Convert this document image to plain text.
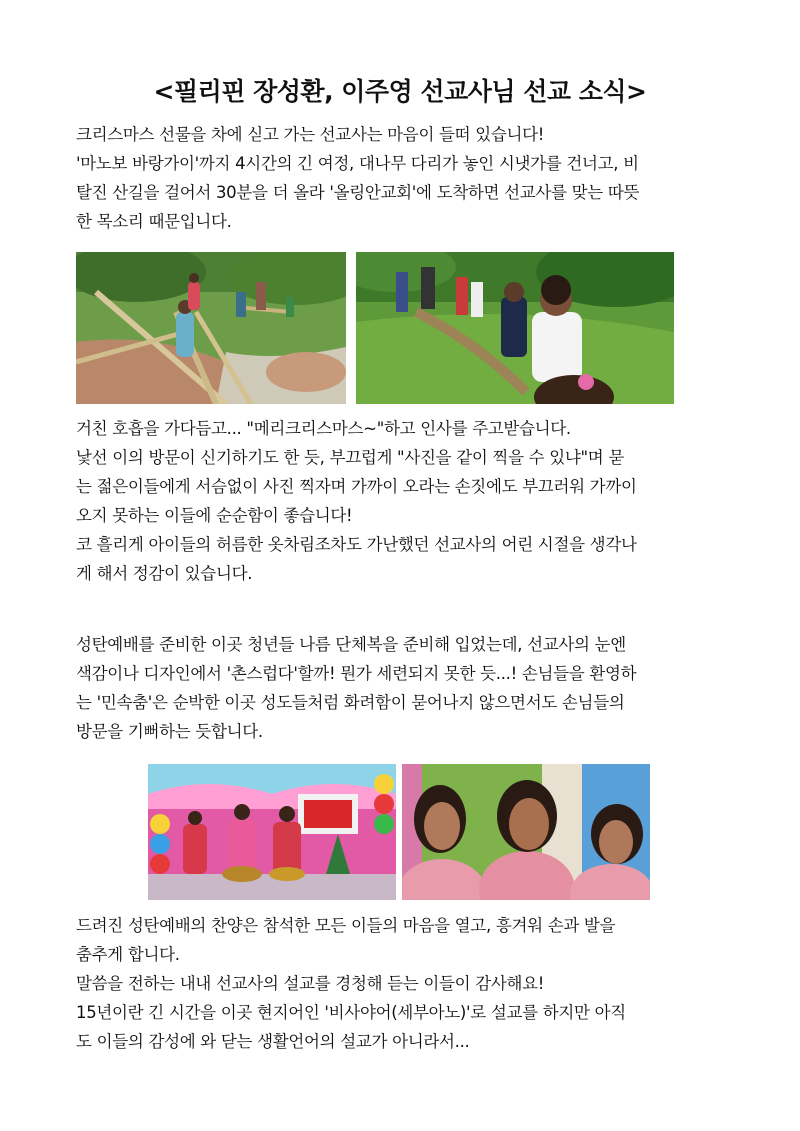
<필리핀 장성환, 이주영 선교사님 선교 소식>
크리스마스 선물을 차에 싣고 가는 선교사는 마음이 들떠 있습니다!
'마노보 바랑가이'까지 4시간의 긴 여정, 대나무 다리가 놓인 시냇가를 건너고, 비
탈진 산길을 걸어서 30분을 더 올라 '올링안교회'에 도착하면 선교사를 맞는 따뜻
한 목소리 때문입니다.
거친 호흡을 가다듬고... "메리크리스마스~"하고 인사를 주고받습니다.
낯선 이의 방문이 신기하기도 한 듯, 부끄럽게 "사진을 같이 찍을 수 있냐"며 묻
는 젊은이들에게 서슴없이 사진 찍자며 가까이 오라는 손짓에도 부끄러워 가까이
오지 못하는 이들에 순순함이 좋습니다!
코 흘리게 아이들의 허름한 옷차림조차도 가난했던 선교사의 어린 시절을 생각나
게 해서 정감이 있습니다.
성탄예배를 준비한 이곳 청년들 나름 단체복을 준비해 입었는데, 선교사의 눈엔
색감이나 디자인에서 '촌스럽다'할까! 뭔가 세련되지 못한 듯...! 손님들을 환영하
는 '민속춤'은 순박한 이곳 성도들처럼 화려함이 묻어나지 않으면서도 손님들의
방문을 기뻐하는 듯합니다.
드려진 성탄예배의 찬양은 참석한 모든 이들의 마음을 열고, 흥겨워 손과 발을
춤추게 합니다.
말씀을 전하는 내내 선교사의 설교를 경청해 듣는 이들이 감사해요!
15년이란 긴 시간을 이곳 현지어인 '비사야어(세부아노)'로 설교를 하지만 아직
도 이들의 감성에 와 닫는 생활언어의 설교가 아니라서...
